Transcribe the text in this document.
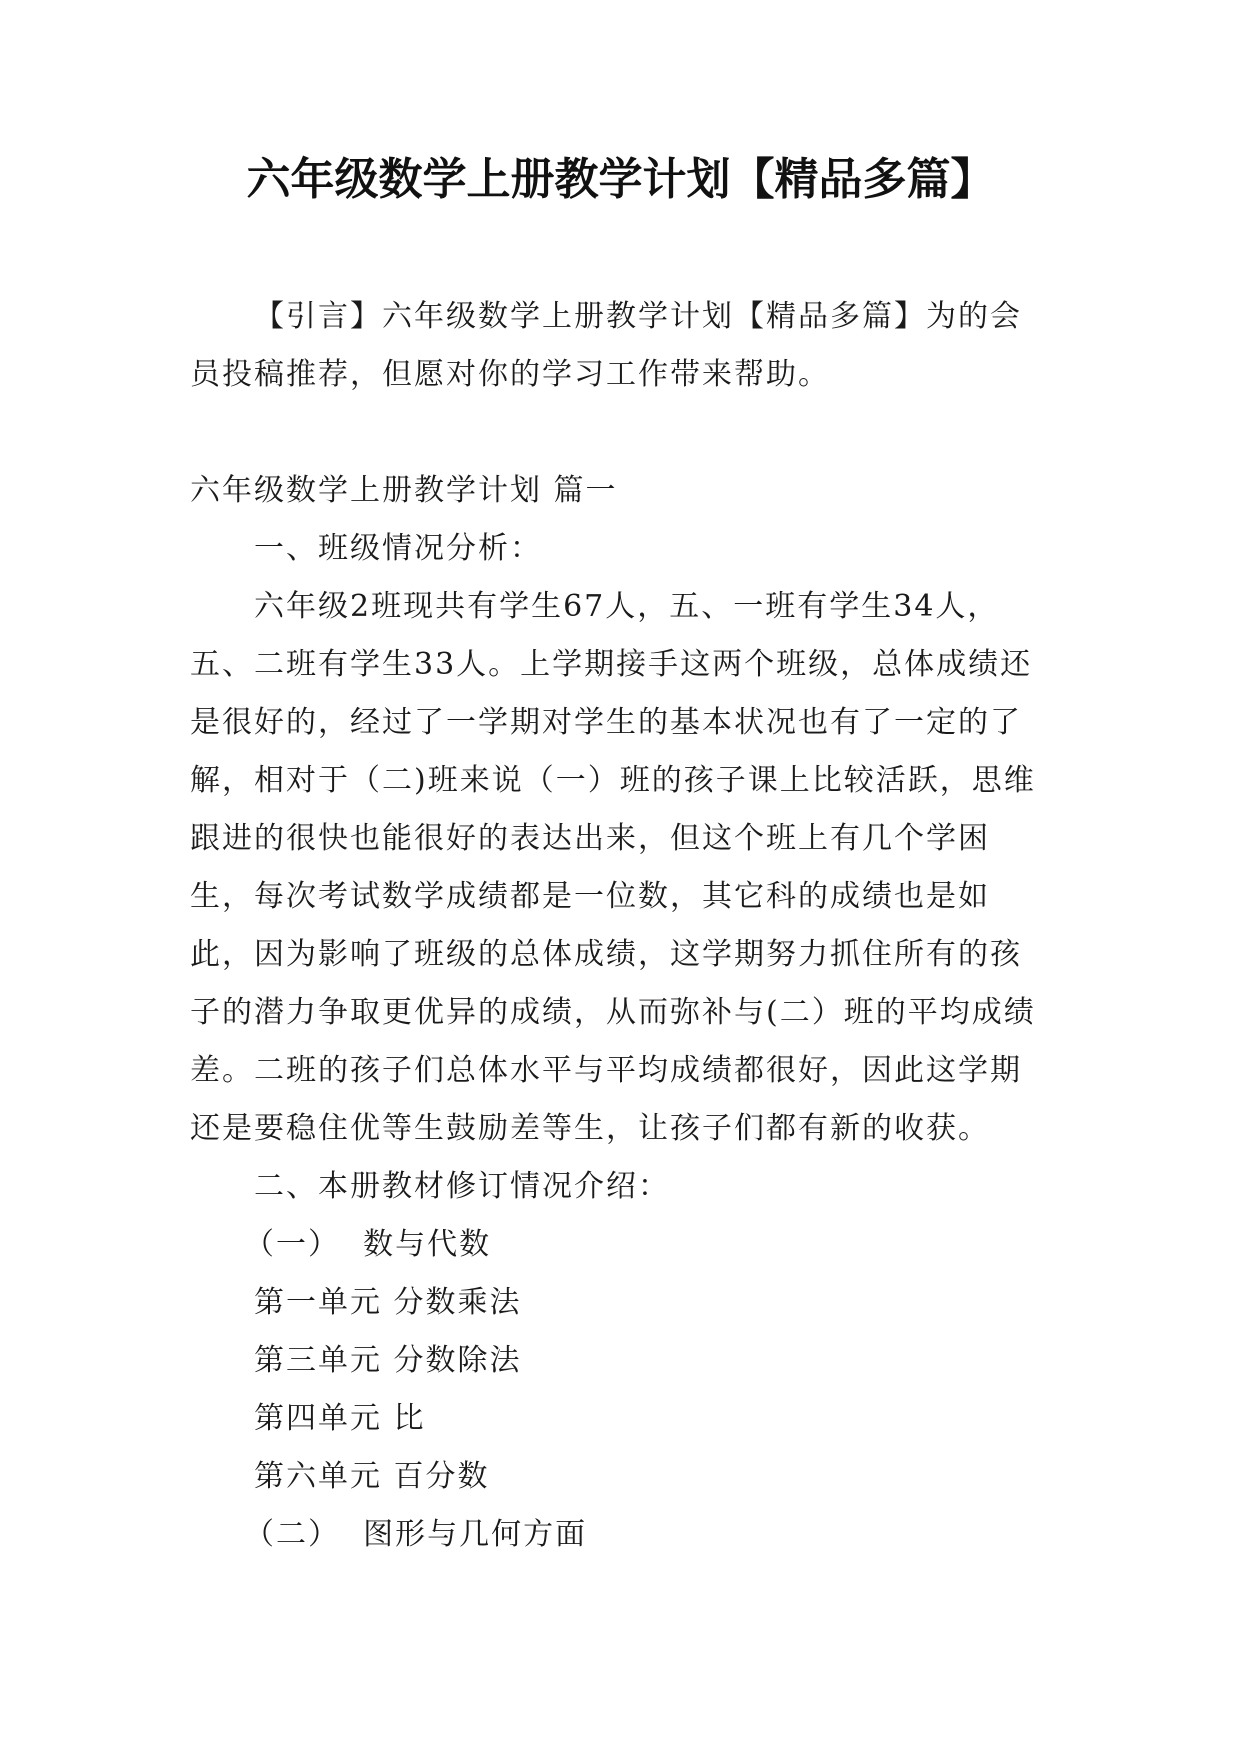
六年级数学上册教学计划【精品多篇】

【引言】六年级数学上册教学计划【精品多篇】为的会员投稿推荐，但愿对你的学习工作带来帮助。

六年级数学上册教学计划 篇一

一、班级情况分析：

六年级2班现共有学生67人，五、一班有学生34人，五、二班有学生33人。上学期接手这两个班级，总体成绩还是很好的，经过了一学期对学生的基本状况也有了一定的了解，相对于（二)班来说（一）班的孩子课上比较活跃，思维跟进的很快也能很好的表达出来，但这个班上有几个学困生，每次考试数学成绩都是一位数，其它科的成绩也是如此，因为影响了班级的总体成绩，这学期努力抓住所有的孩子的潜力争取更优异的成绩，从而弥补与(二）班的平均成绩差。二班的孩子们总体水平与平均成绩都很好，因此这学期还是要稳住优等生鼓励差等生，让孩子们都有新的收获。

二、本册教材修订情况介绍：

（一）  数与代数

第一单元 分数乘法

第三单元 分数除法

第四单元 比

第六单元 百分数

（二）  图形与几何方面
